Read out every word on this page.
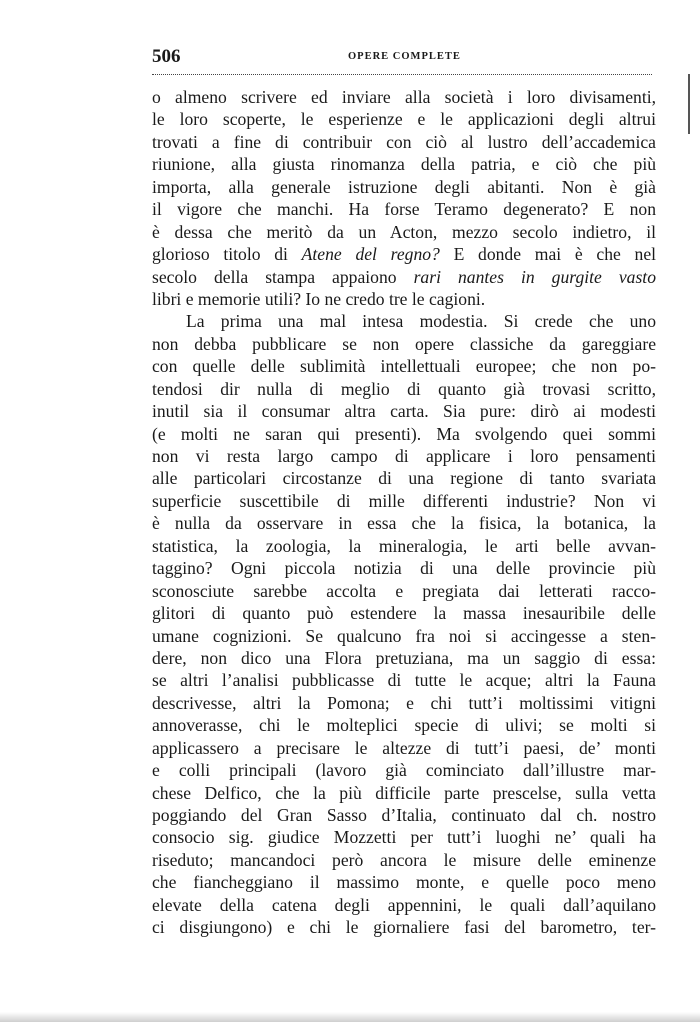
506	OPERE COMPLETE
o almeno scrivere ed inviare alla società i loro divisamenti,
le loro scoperte, le esperienze e le applicazioni degli altrui
trovati a fine di contribuir con ciò al lustro dell’accademica
riunione, alla giusta rinomanza della patria, e ciò che più
importa, alla generale istruzione degli abitanti. Non è già
il vigore che manchi. Ha forse Teramo degenerato? E non
è dessa che meritò da un Acton, mezzo secolo indietro, il
glorioso titolo di Atene del regno? E donde mai è che nel
secolo della stampa appaiono rari nantes in gurgite vasto
libri e memorie utili? Io ne credo tre le cagioni.
La prima una mal intesa modestia. Si crede che uno
non debba pubblicare se non opere classiche da gareggiare
con quelle delle sublimità intellettuali europee; che non po-
tendosi dir nulla di meglio di quanto già trovasi scritto,
inutil sia il consumar altra carta. Sia pure: dirò ai modesti
(e molti ne saran qui presenti). Ma svolgendo quei sommi
non vi resta largo campo di applicare i loro pensamenti
alle particolari circostanze di una regione di tanto svariata
superficie suscettibile di mille differenti industrie? Non vi
è nulla da osservare in essa che la fisica, la botanica, la
statistica, la zoologia, la mineralogia, le arti belle avvan-
taggino? Ogni piccola notizia di una delle provincie più
sconosciute sarebbe accolta e pregiata dai letterati racco-
glitori di quanto può estendere la massa inesauribile delle
umane cognizioni. Se qualcuno fra noi si accingesse a sten-
dere, non dico una Flora pretuziana, ma un saggio di essa:
se altri l’analisi pubblicasse di tutte le acque; altri la Fauna
descrivesse, altri la Pomona; e chi tutt’i moltissimi vitigni
annoverasse, chi le molteplici specie di ulivi; se molti si
applicassero a precisare le altezze di tutt’i paesi, de’ monti
e colli principali (lavoro già cominciato dall’illustre mar-
chese Delfico, che la più difficile parte prescelse, sulla vetta
poggiando del Gran Sasso d’Italia, continuato dal ch. nostro
consocio sig. giudice Mozzetti per tutt’i luoghi ne’ quali ha
riseduto; mancandoci però ancora le misure delle eminenze
che fiancheggiano il massimo monte, e quelle poco meno
elevate della catena degli appennini, le quali dall’aquilano
ci disgiungono) e chi le giornaliere fasi del barometro, ter-
